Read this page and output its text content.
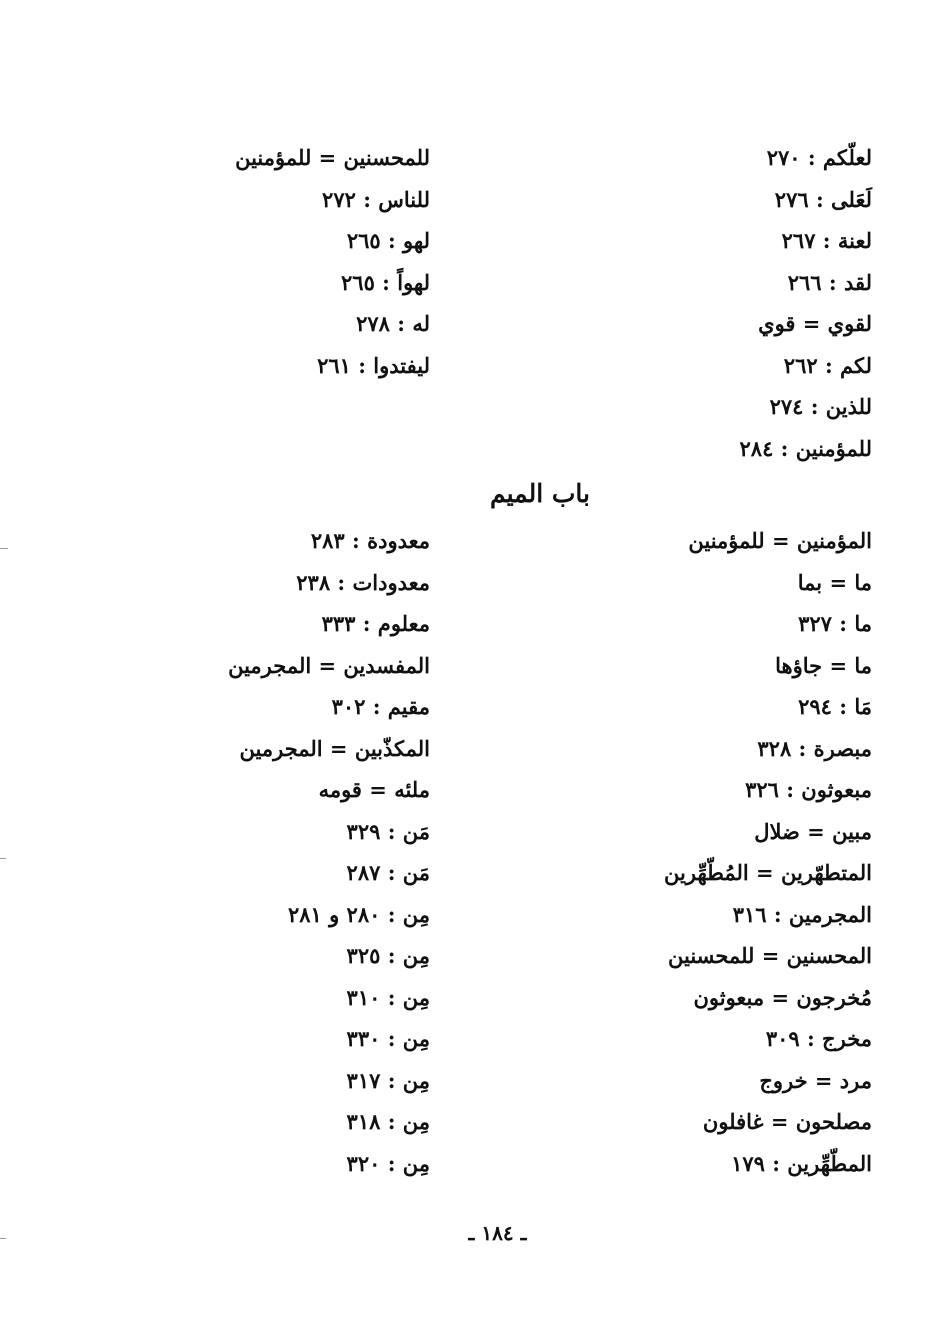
لعلّكم : ٢٧٠
لَعَلى : ٢٧٦
لعنة : ٢٦٧
لقد : ٢٦٦
لقوي = قوي
لكم : ٢٦٢
للذين : ٢٧٤
للمؤمنين : ٢٨٤
للمحسنين = للمؤمنين
للناس : ٢٧٢
لهو : ٢٦٥
لهواً : ٢٦٥
له : ٢٧٨
ليفتدوا : ٢٦١
باب الميم
المؤمنين = للمؤمنين
ما = بما
ما : ٣٢٧
ما = جاؤها
مَا : ٢٩٤
مبصرة : ٣٢٨
مبعوثون : ٣٢٦
مبين = ضلال
المتطهّرين = المُطّهِّرين
المجرمين : ٣١٦
المحسنين = للمحسنين
مُخرجون = مبعوثون
مخرج : ٣٠٩
مرد = خروج
مصلحون = غافلون
المطّهِّرين : ١٧٩
معدودة : ٢٨٣
معدودات : ٢٣٨
معلوم : ٣٣٣
المفسدين = المجرمين
مقيم : ٣٠٢
المكذّبين = المجرمين
ملئه = قومه
مَن : ٣٢٩
مَن : ٢٨٧
مِن : ٢٨٠ و ٢٨١
مِن : ٣٢٥
مِن : ٣١٠
مِن : ٣٣٠
مِن : ٣١٧
مِن : ٣١٨
مِن : ٣٢٠
ـ ١٨٤ ـ
